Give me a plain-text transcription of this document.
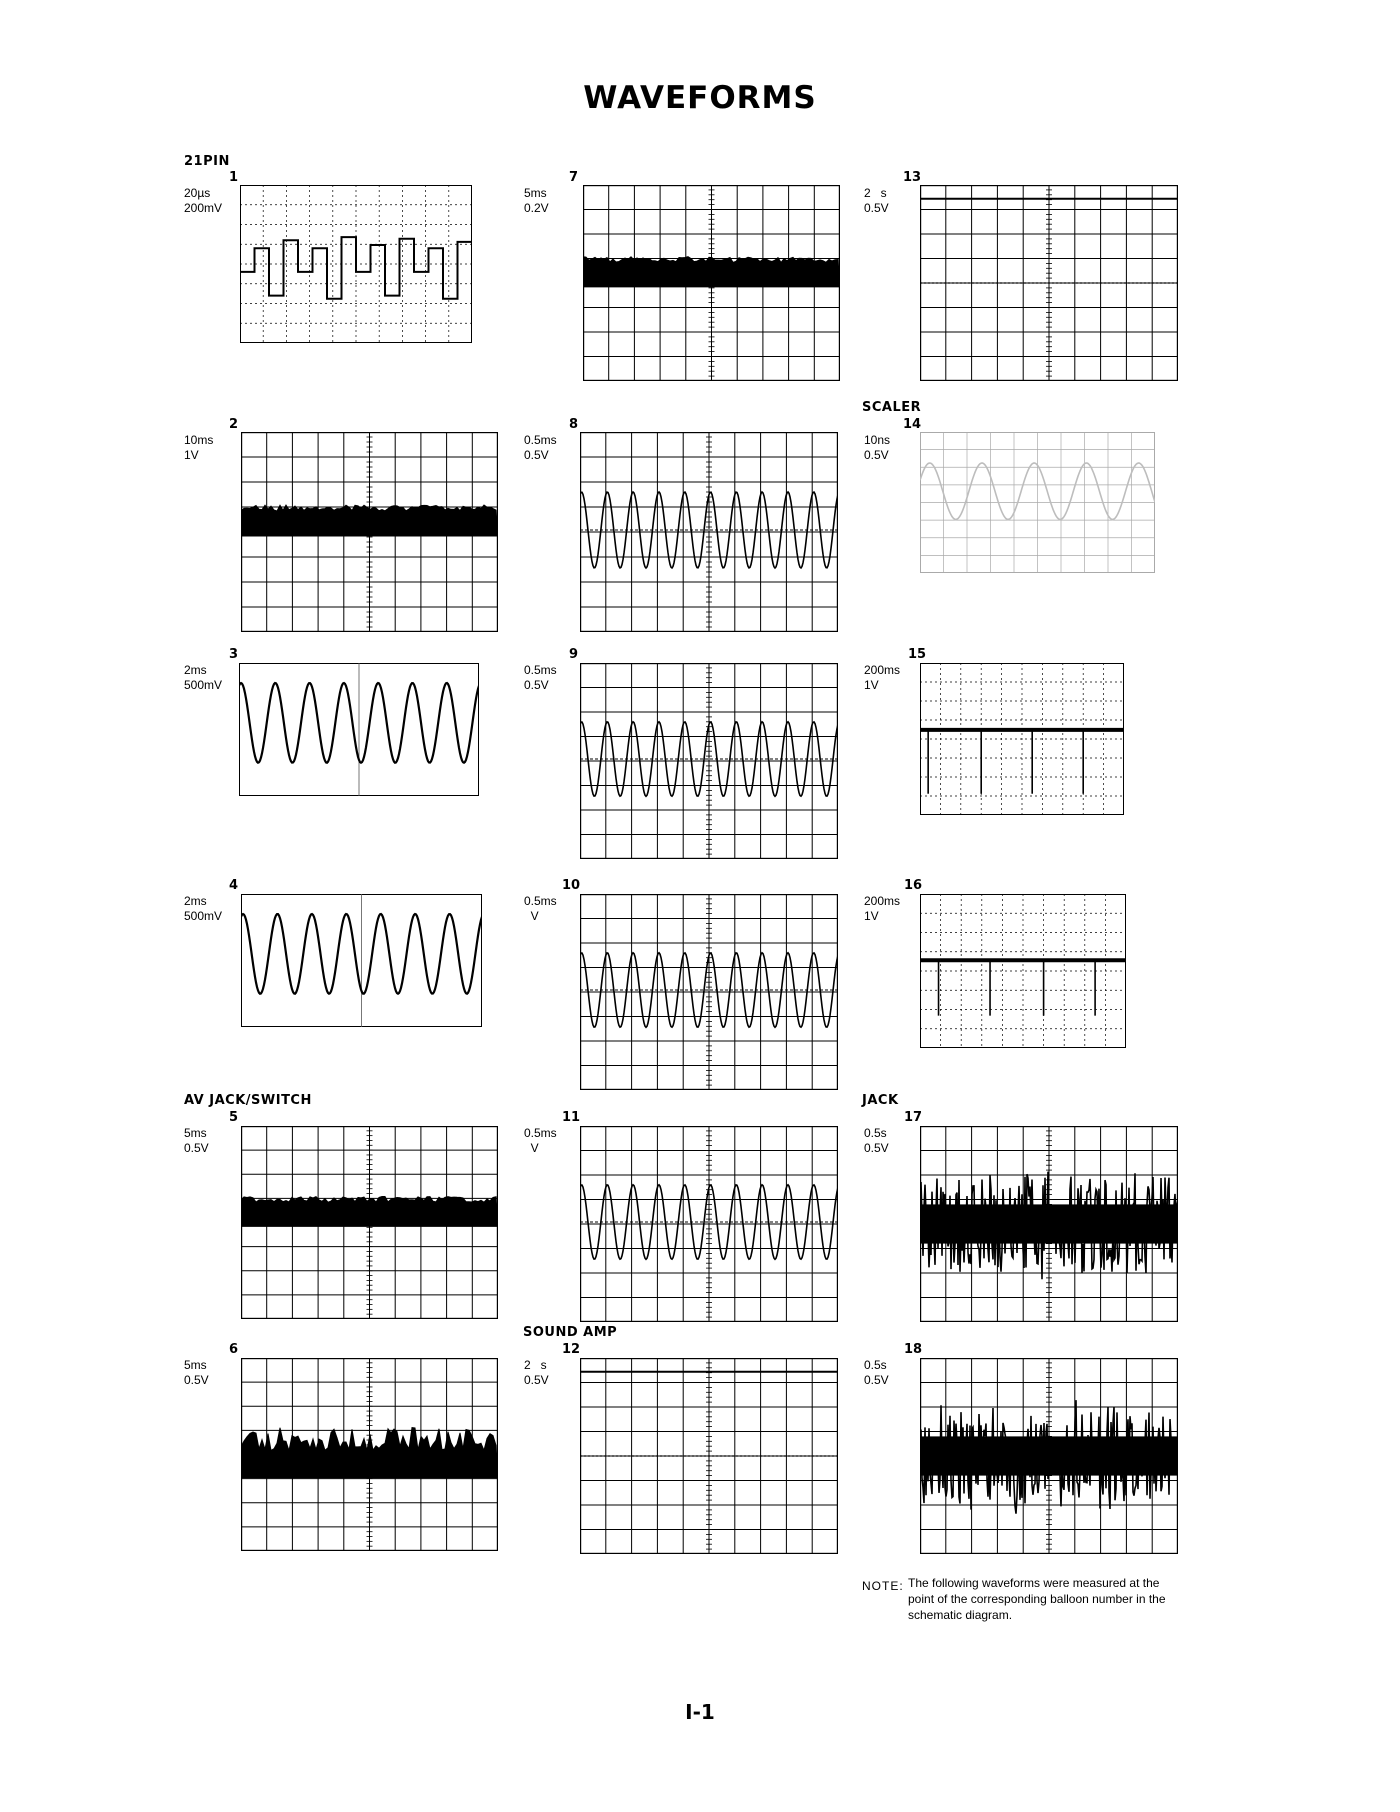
WAVEFORMS
21PIN
SCALER
AV JACK/SWITCH	JACK
SOUND AMP
1
20µs
200mV
2
10ms
1V
3
2ms
500mV
4
2ms
500mV
5
5ms
0.5V
6
5ms
0.5V
7
5ms
0.2V
8
0.5ms
0.5V
9
0.5ms
0.5V
10
0.5ms
V
11
0.5ms
V
12
2   s
0.5V
13
2   s
0.5V
14
10ns
0.5V
15
200ms
1V
16
200ms
1V
17
0.5s
0.5V
18
0.5s
0.5V
NOTE: The following waveforms were measured at the point of the corresponding balloon number in the schematic diagram.
I-1
